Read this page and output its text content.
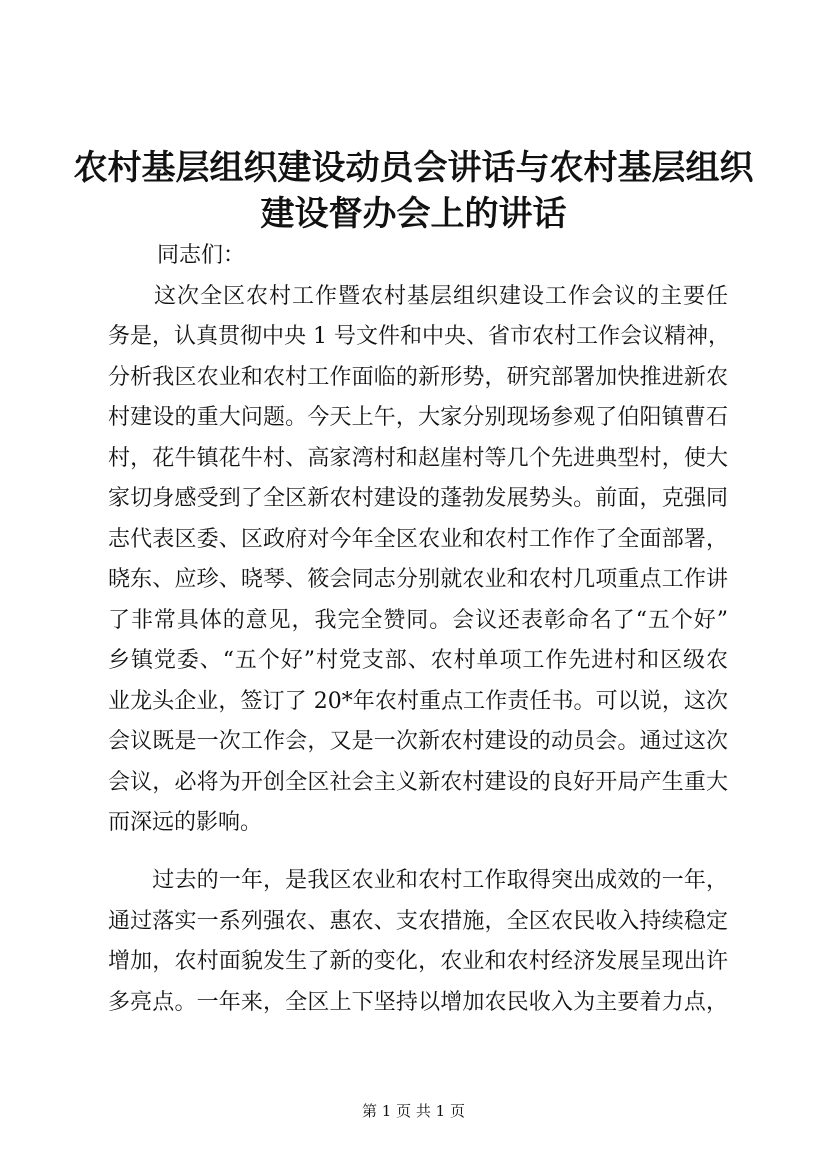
农村基层组织建设动员会讲话与农村基层组织
建设督办会上的讲话
同志们：
　　这次全区农村工作暨农村基层组织建设工作会议的主要任
务是，认真贯彻中央 1 号文件和中央、省市农村工作会议精神，
分析我区农业和农村工作面临的新形势，研究部署加快推进新农
村建设的重大问题。今天上午，大家分别现场参观了伯阳镇曹石
村，花牛镇花牛村、高家湾村和赵崖村等几个先进典型村，使大
家切身感受到了全区新农村建设的蓬勃发展势头。前面，克强同
志代表区委、区政府对今年全区农业和农村工作作了全面部署，
晓东、应珍、晓琴、筱会同志分别就农业和农村几项重点工作讲
了非常具体的意见，我完全赞同。会议还表彰命名了“五个好”
乡镇党委、“五个好”村党支部、农村单项工作先进村和区级农
业龙头企业，签订了 20*年农村重点工作责任书。可以说，这次
会议既是一次工作会，又是一次新农村建设的动员会。通过这次
会议，必将为开创全区社会主义新农村建设的良好开局产生重大
而深远的影响。
　　过去的一年，是我区农业和农村工作取得突出成效的一年，
通过落实一系列强农、惠农、支农措施，全区农民收入持续稳定
增加，农村面貌发生了新的变化，农业和农村经济发展呈现出许
多亮点。一年来，全区上下坚持以增加农民收入为主要着力点，
第 1 页 共 1 页
